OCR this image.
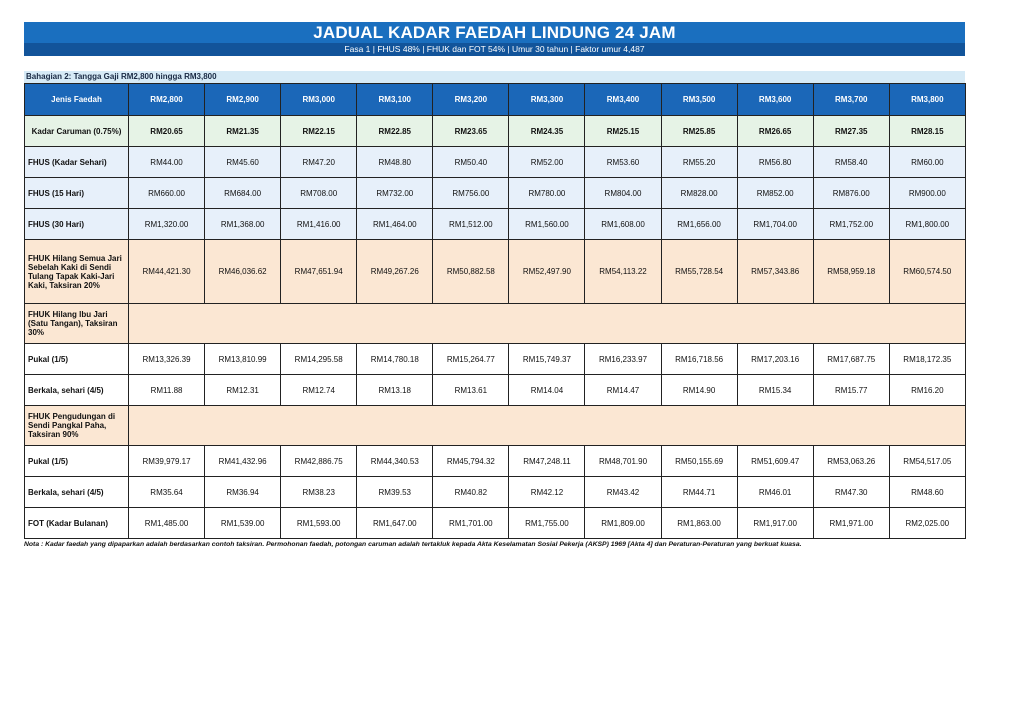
JADUAL KADAR FAEDAH LINDUNG 24 JAM
Fasa 1 | FHUS 48% | FHUK dan FOT 54% | Umur 30 tahun | Faktor umur 4,487
Bahagian 2: Tangga Gaji RM2,800 hingga RM3,800
Jenis Faedah	RM2,800	RM2,900	RM3,000	RM3,100	RM3,200	RM3,300	RM3,400	RM3,500	RM3,600	RM3,700	RM3,800
Kadar Caruman (0.75%)	RM20.65	RM21.35	RM22.15	RM22.85	RM23.65	RM24.35	RM25.15	RM25.85	RM26.65	RM27.35	RM28.15
FHUS (Kadar Sehari)	RM44.00	RM45.60	RM47.20	RM48.80	RM50.40	RM52.00	RM53.60	RM55.20	RM56.80	RM58.40	RM60.00
FHUS (15 Hari)	RM660.00	RM684.00	RM708.00	RM732.00	RM756.00	RM780.00	RM804.00	RM828.00	RM852.00	RM876.00	RM900.00
FHUS (30 Hari)	RM1,320.00	RM1,368.00	RM1,416.00	RM1,464.00	RM1,512.00	RM1,560.00	RM1,608.00	RM1,656.00	RM1,704.00	RM1,752.00	RM1,800.00
FHUK Hilang Semua Jari Sebelah Kaki di Sendi Tulang Tapak Kaki-Jari Kaki, Taksiran 20%	RM44,421.30	RM46,036.62	RM47,651.94	RM49,267.26	RM50,882.58	RM52,497.90	RM54,113.22	RM55,728.54	RM57,343.86	RM58,959.18	RM60,574.50
FHUK Hilang Ibu Jari (Satu Tangan), Taksiran 30%											
Pukal (1/5)	RM13,326.39	RM13,810.99	RM14,295.58	RM14,780.18	RM15,264.77	RM15,749.37	RM16,233.97	RM16,718.56	RM17,203.16	RM17,687.75	RM18,172.35
Berkala, sehari (4/5)	RM11.88	RM12.31	RM12.74	RM13.18	RM13.61	RM14.04	RM14.47	RM14.90	RM15.34	RM15.77	RM16.20
FHUK Pengudungan di Sendi Pangkal Paha, Taksiran 90%											
Pukal (1/5)	RM39,979.17	RM41,432.96	RM42,886.75	RM44,340.53	RM45,794.32	RM47,248.11	RM48,701.90	RM50,155.69	RM51,609.47	RM53,063.26	RM54,517.05
Berkala, sehari (4/5)	RM35.64	RM36.94	RM38.23	RM39.53	RM40.82	RM42.12	RM43.42	RM44.71	RM46.01	RM47.30	RM48.60
FOT (Kadar Bulanan)	RM1,485.00	RM1,539.00	RM1,593.00	RM1,647.00	RM1,701.00	RM1,755.00	RM1,809.00	RM1,863.00	RM1,917.00	RM1,971.00	RM2,025.00
Nota : Kadar faedah yang dipaparkan adalah berdasarkan contoh taksiran. Permohonan faedah, potongan caruman adalah tertakluk kepada Akta Keselamatan Sosial Pekerja (AKSP) 1969 [Akta 4] dan Peraturan-Peraturan yang berkuat kuasa.
